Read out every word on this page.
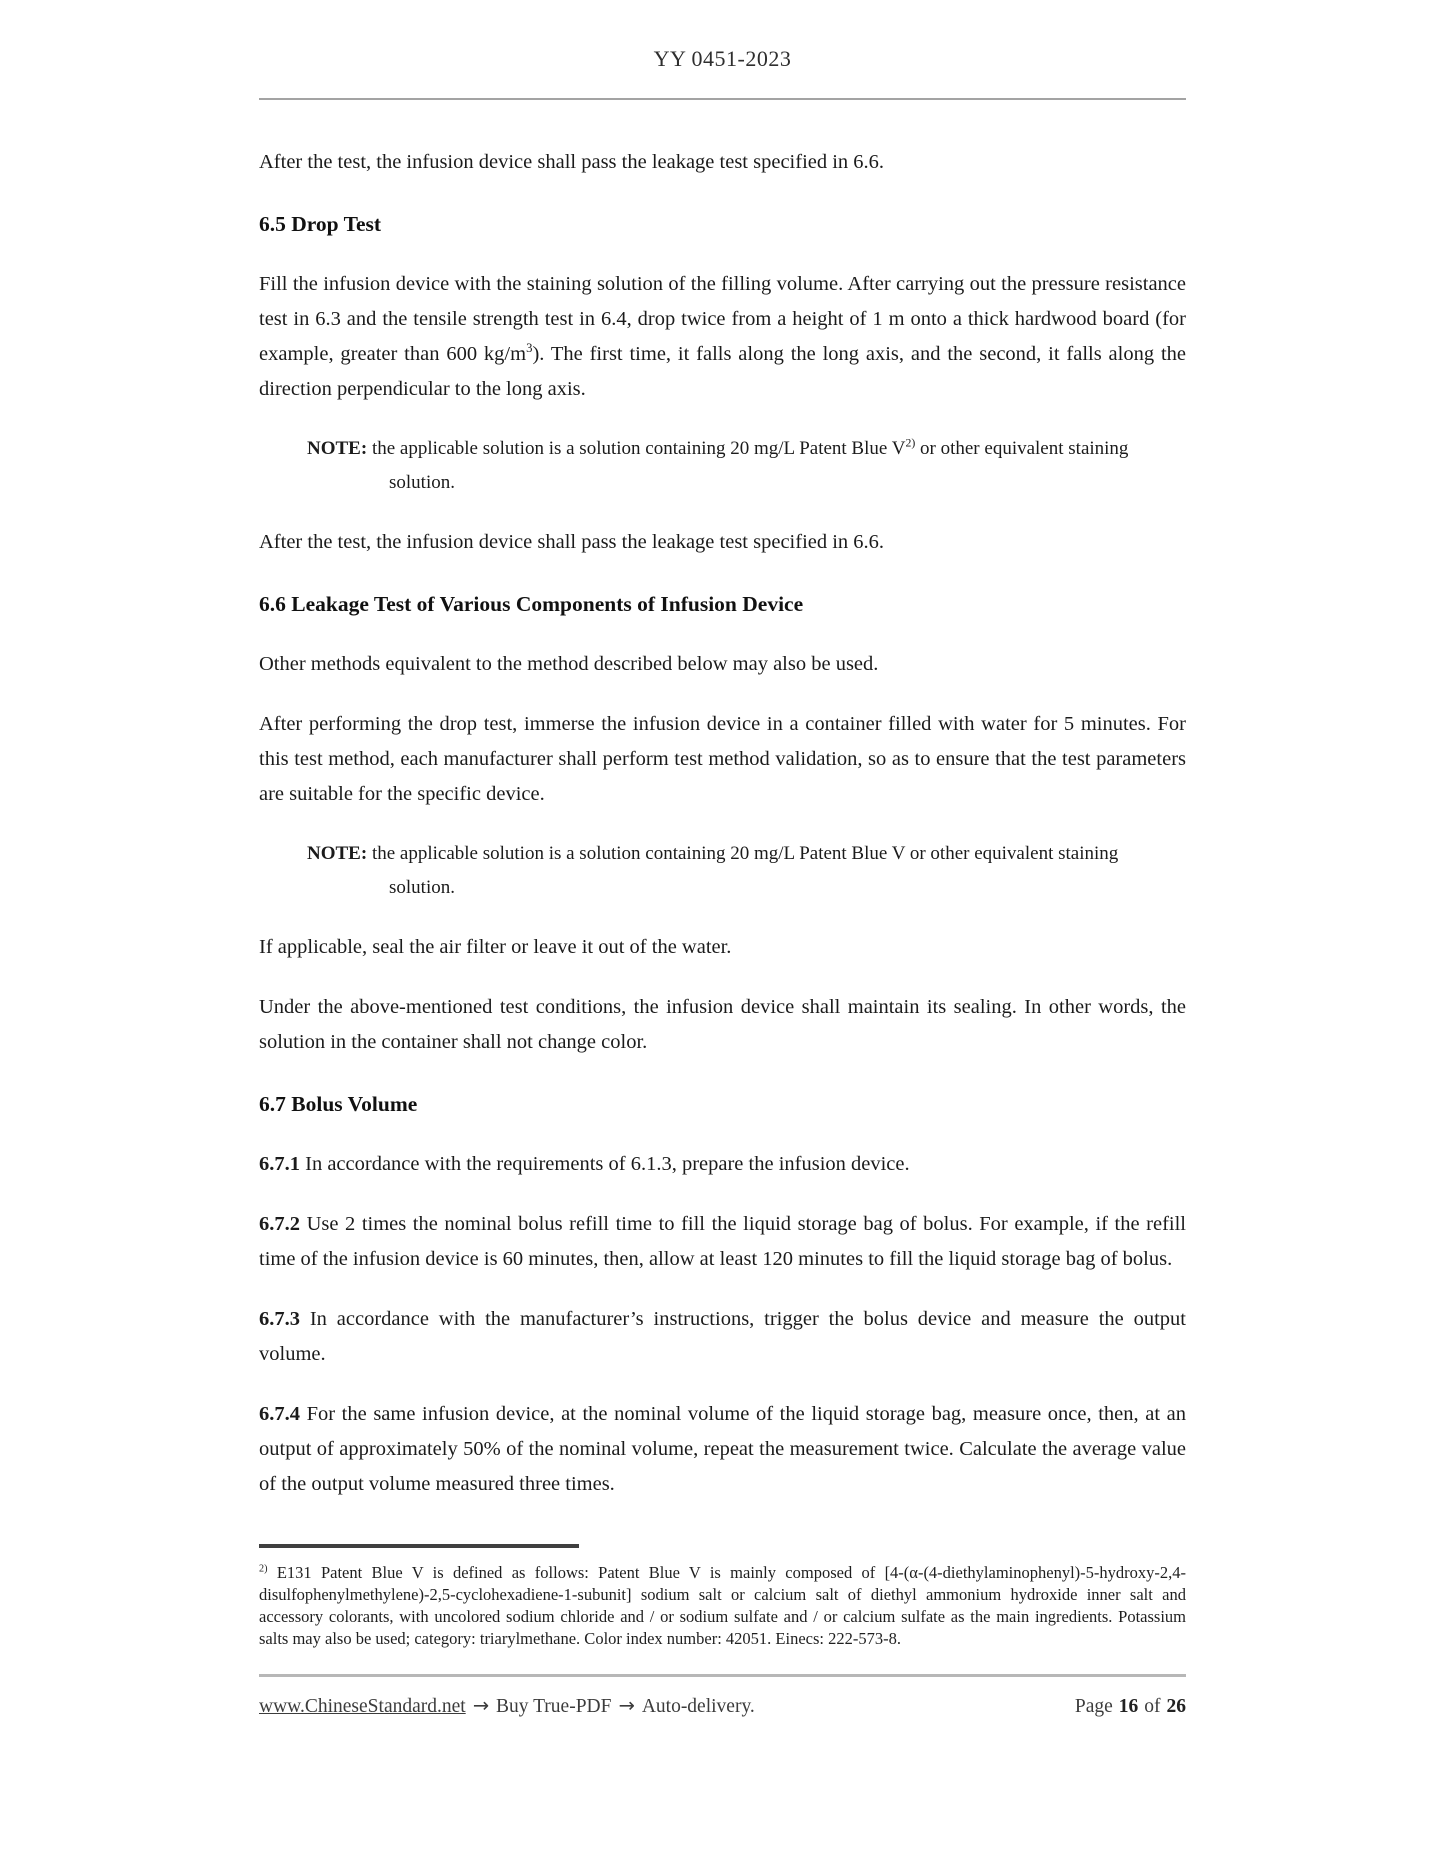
YY 0451-2023

After the test, the infusion device shall pass the leakage test specified in 6.6.

6.5 Drop Test

Fill the infusion device with the staining solution of the filling volume. After carrying out the pressure resistance test in 6.3 and the tensile strength test in 6.4, drop twice from a height of 1 m onto a thick hardwood board (for example, greater than 600 $kg/m^3$). The first time, it falls along the long axis, and the second, it falls along the direction perpendicular to the long axis.

NOTE: the applicable solution is a solution containing 20 mg/L Patent Blue $V^{2)}$ or other equivalent staining solution.

After the test, the infusion device shall pass the leakage test specified in 6.6.

6.6 Leakage Test of Various Components of Infusion Device

Other methods equivalent to the method described below may also be used.

After performing the drop test, immerse the infusion device in a container filled with water for 5 minutes. For this test method, each manufacturer shall perform test method validation, so as to ensure that the test parameters are suitable for the specific device.

NOTE: the applicable solution is a solution containing 20 mg/L Patent Blue V or other equivalent staining solution.

If applicable, seal the air filter or leave it out of the water.

Under the above-mentioned test conditions, the infusion device shall maintain its sealing. In other words, the solution in the container shall not change color.

6.7 Bolus Volume

6.7.1 In accordance with the requirements of 6.1.3, prepare the infusion device.

6.7.2 Use 2 times the nominal bolus refill time to fill the liquid storage bag of bolus. For example, if the refill time of the infusion device is 60 minutes, then, allow at least 120 minutes to fill the liquid storage bag of bolus.

6.7.3 In accordance with the manufacturer’s instructions, trigger the bolus device and measure the output volume.

6.7.4 For the same infusion device, at the nominal volume of the liquid storage bag, measure once, then, at an output of approximately 50% of the nominal volume, repeat the measurement twice. Calculate the average value of the output volume measured three times.

$^{2)}$ E131 Patent Blue V is defined as follows: Patent Blue V is mainly composed of [4-(α-(4-diethylaminophenyl)-5-hydroxy-2,4-disulfophenylmethylene)-2,5-cyclohexadiene-1-subunit] sodium salt or calcium salt of diethyl ammonium hydroxide inner salt and accessory colorants, with uncolored sodium chloride and / or sodium sulfate and / or calcium sulfate as the main ingredients. Potassium salts may also be used; category: triarylmethane. Color index number: 42051. Einecs: 222-573-8.

www.ChineseStandard.net → Buy True-PDF → Auto-delivery.	Page 16 of 26
